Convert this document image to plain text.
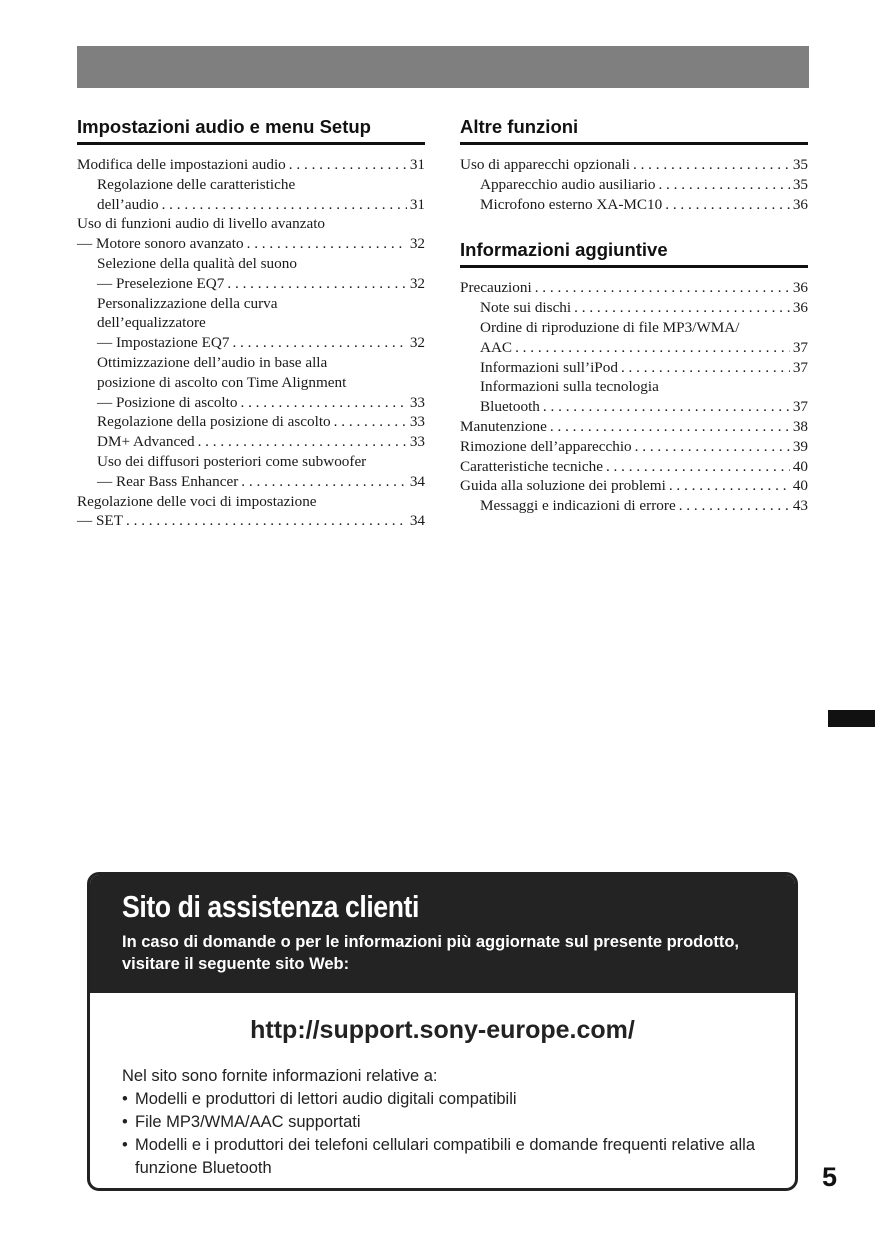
Impostazioni audio e menu Setup
Modifica delle impostazioni audio . . .	31
Regolazione delle caratteristiche
dell’audio . . .	31
Uso di funzioni audio di livello avanzato
— Motore sonoro avanzato . . .	32
Selezione della qualità del suono
— Preselezione EQ7 . . .	32
Personalizzazione della curva
dell’equalizzatore
— Impostazione EQ7 . . .	32
Ottimizzazione dell’audio in base alla
posizione di ascolto con Time Alignment
— Posizione di ascolto . . .	33
Regolazione della posizione di ascolto . . .	33
DM+ Advanced . . .	33
Uso dei diffusori posteriori come subwoofer
— Rear Bass Enhancer . . .	34
Regolazione delle voci di impostazione
— SET . . .	34
Altre funzioni
Uso di apparecchi opzionali . . .	35
Apparecchio audio ausiliario . . .	35
Microfono esterno XA-MC10 . . .	36
Informazioni aggiuntive
Precauzioni . . .	36
Note sui dischi . . .	36
Ordine di riproduzione di file MP3/WMA/
AAC . . .	37
Informazioni sull’iPod . . .	37
Informazioni sulla tecnologia
Bluetooth . . .	37
Manutenzione . . .	38
Rimozione dell’apparecchio . . .	39
Caratteristiche tecniche . . .	40
Guida alla soluzione dei problemi . . .	40
Messaggi e indicazioni di errore . . .	43
Sito di assistenza clienti
In caso di domande o per le informazioni più aggiornate sul presente prodotto, visitare il seguente sito Web:
http://support.sony-europe.com/
Nel sito sono fornite informazioni relative a:
• Modelli e produttori di lettori audio digitali compatibili
• File MP3/WMA/AAC supportati
• Modelli e i produttori dei telefoni cellulari compatibili e domande frequenti relative alla funzione Bluetooth	5
